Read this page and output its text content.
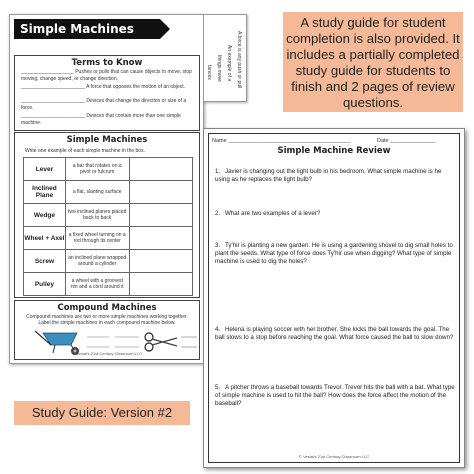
Simple Machines
Terms to Know
___________________ Pushes or pulls that can cause objects to move, stop moving, change speed, or change direction.
_______________________ A force that opposes the motion of an object.
_______________________ Devices that change the direction or size of a force.
_______________________ Devices that contain more than one simple machine.
Simple Machines
Write one example of each simple machine in the box.
Lever	a bar that rotates on a pivot or fulcrum	
Inclined Plane	a flat, slanting surface	
Wedge	two inclined planes placed back to back	
Wheel + Axel	a fixed wheel turning on a rod through its center	
Screw	an inclined plane wrapped around a cylinder	
Pulley	a wheel with a grooved rim and a cord around it	
Compound Machines
Compound machines are two or more simple machines working together. Label the simple machines in each compound machine below.
© Vestal's 21st Century Classroom LLC
A force is any push or pull
An example of a
things move
tances
A study guide for student completion is also provided. It includes a partially completed study guide for students to finish and 2 pages of review questions.
Study Guide: Version #2
Name ________________________________________	Date _______________
Simple Machine Review
1. Javier is changing out the light bulb in his bedroom. What simple machine is he using as he replaces the light bulb?
2. What are two examples of a lever?
3. Ty'hir is planting a new garden. He is using a gardening shovel to dig small holes to plant the seeds. What type of force does Ty'hir use when digging? What type of simple machine is used to dig the holes?
4. Helena is playing soccer with her brother. She kicks the ball towards the goal. The ball slows to a stop before reaching the goal. What force caused the ball to slow down?
5. A pitcher throws a baseball towards Trevor. Trevor hits the ball with a bat. What type of simple machine is used to hit the ball? How does the force affect the motion of the baseball?
© Vestal's 21st Century Classroom LLC
